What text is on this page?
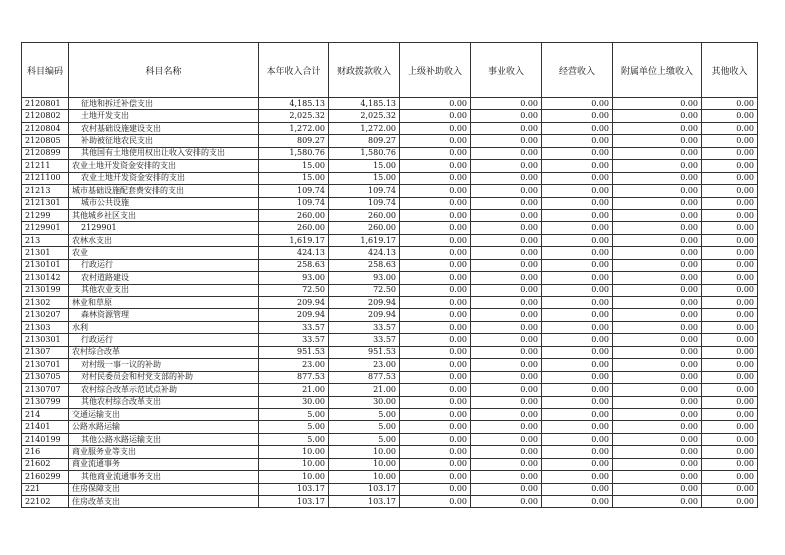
科目编码	科目名称	本年收入合计	财政拨款收入	上级补助收入	事业收入	经营收入	附属单位上缴收入	其他收入
2120801	征地和拆迁补偿支出	4,185.13	4,185.13	0.00	0.00	0.00	0.00	0.00
2120802	土地开发支出	2,025.32	2,025.32	0.00	0.00	0.00	0.00	0.00
2120804	农村基础设施建设支出	1,272.00	1,272.00	0.00	0.00	0.00	0.00	0.00
2120805	补助被征地农民支出	809.27	809.27	0.00	0.00	0.00	0.00	0.00
2120899	其他国有土地使用权出让收入安排的支出	1,580.76	1,580.76	0.00	0.00	0.00	0.00	0.00
21211	农业土地开发资金安排的支出	15.00	15.00	0.00	0.00	0.00	0.00	0.00
2121100	农业土地开发资金安排的支出	15.00	15.00	0.00	0.00	0.00	0.00	0.00
21213	城市基础设施配套费安排的支出	109.74	109.74	0.00	0.00	0.00	0.00	0.00
2121301	城市公共设施	109.74	109.74	0.00	0.00	0.00	0.00	0.00
21299	其他城乡社区支出	260.00	260.00	0.00	0.00	0.00	0.00	0.00
2129901	2129901	260.00	260.00	0.00	0.00	0.00	0.00	0.00
213	农林水支出	1,619.17	1,619.17	0.00	0.00	0.00	0.00	0.00
21301	农业	424.13	424.13	0.00	0.00	0.00	0.00	0.00
2130101	行政运行	258.63	258.63	0.00	0.00	0.00	0.00	0.00
2130142	农村道路建设	93.00	93.00	0.00	0.00	0.00	0.00	0.00
2130199	其他农业支出	72.50	72.50	0.00	0.00	0.00	0.00	0.00
21302	林业和草原	209.94	209.94	0.00	0.00	0.00	0.00	0.00
2130207	森林资源管理	209.94	209.94	0.00	0.00	0.00	0.00	0.00
21303	水利	33.57	33.57	0.00	0.00	0.00	0.00	0.00
2130301	行政运行	33.57	33.57	0.00	0.00	0.00	0.00	0.00
21307	农村综合改革	951.53	951.53	0.00	0.00	0.00	0.00	0.00
2130701	对村级一事一议的补助	23.00	23.00	0.00	0.00	0.00	0.00	0.00
2130705	对村民委员会和村党支部的补助	877.53	877.53	0.00	0.00	0.00	0.00	0.00
2130707	农村综合改革示范试点补助	21.00	21.00	0.00	0.00	0.00	0.00	0.00
2130799	其他农村综合改革支出	30.00	30.00	0.00	0.00	0.00	0.00	0.00
214	交通运输支出	5.00	5.00	0.00	0.00	0.00	0.00	0.00
21401	公路水路运输	5.00	5.00	0.00	0.00	0.00	0.00	0.00
2140199	其他公路水路运输支出	5.00	5.00	0.00	0.00	0.00	0.00	0.00
216	商业服务业等支出	10.00	10.00	0.00	0.00	0.00	0.00	0.00
21602	商业流通事务	10.00	10.00	0.00	0.00	0.00	0.00	0.00
2160299	其他商业流通事务支出	10.00	10.00	0.00	0.00	0.00	0.00	0.00
221	住房保障支出	103.17	103.17	0.00	0.00	0.00	0.00	0.00
22102	住房改革支出	103.17	103.17	0.00	0.00	0.00	0.00	0.00
